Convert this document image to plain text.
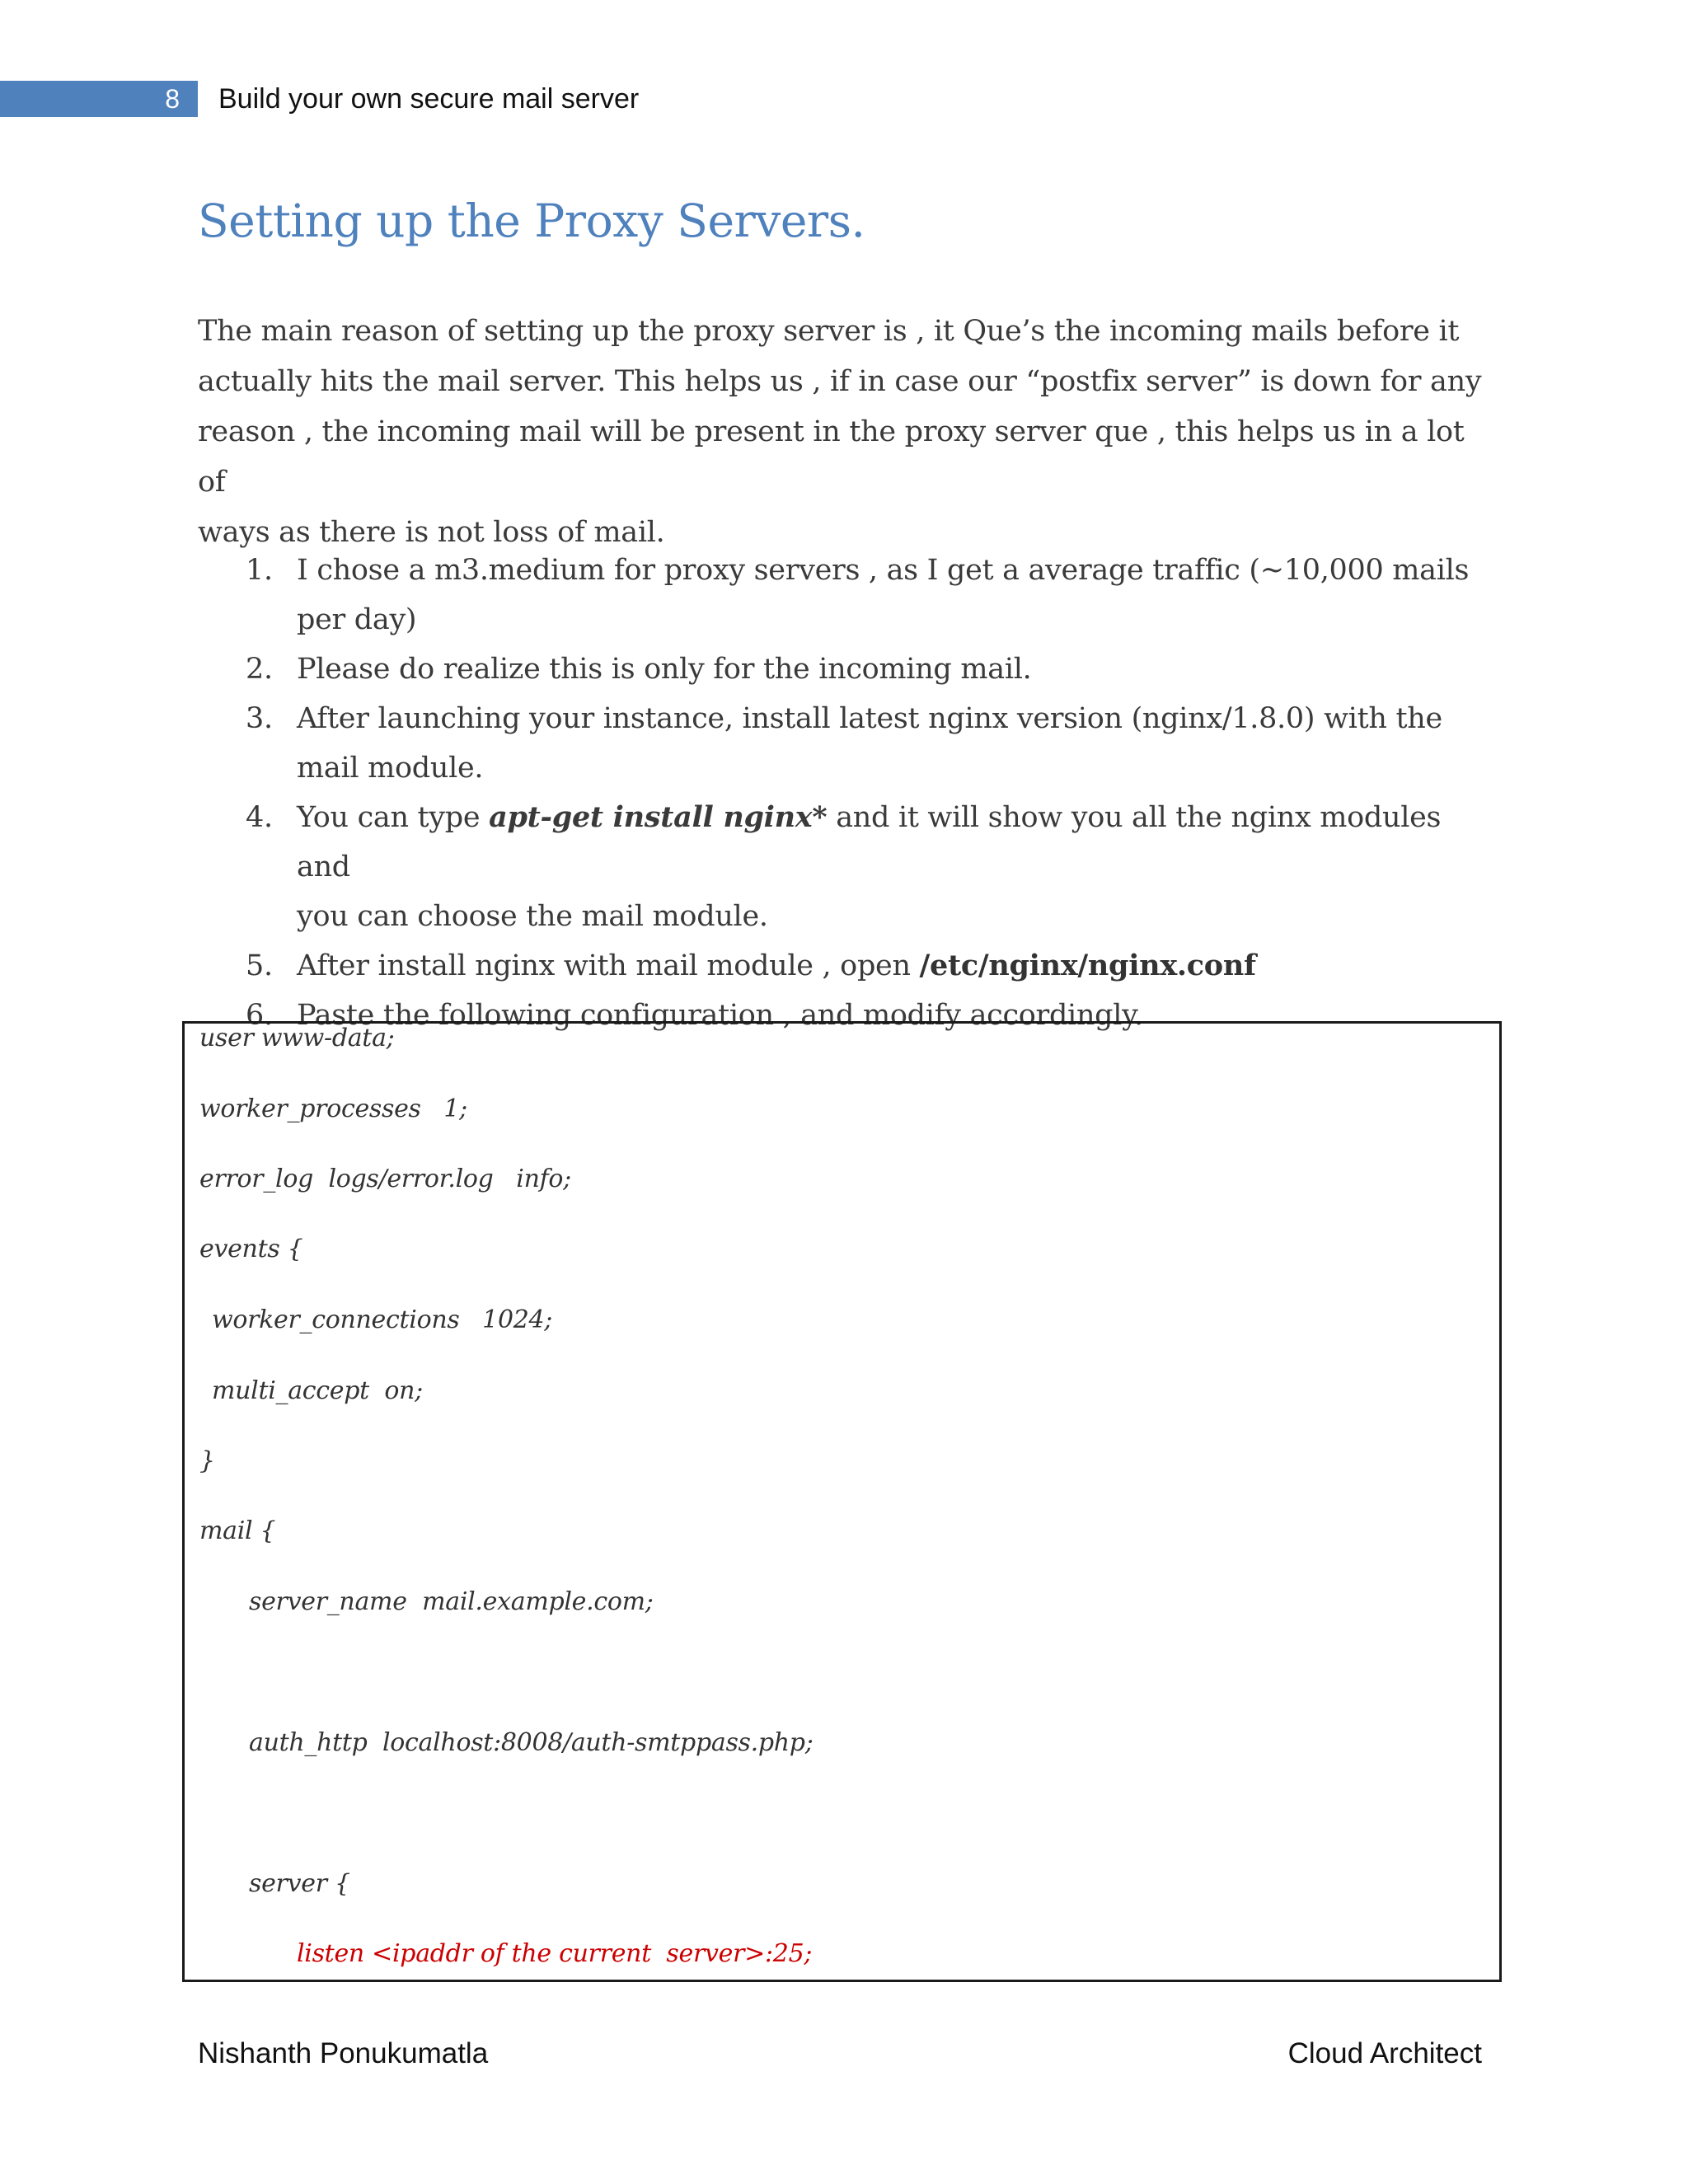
8	Build your own secure mail server
Setting up the Proxy Servers.
The main reason of setting up the proxy server is , it Que’s the incoming mails before it
actually hits the mail server. This helps us , if in case our “postfix server” is down for any
reason , the incoming mail will be present in the proxy server que , this helps us in a lot of
ways as there is not loss of mail.
1. I chose a m3.medium for proxy servers , as I get a average traffic (~10,000 mails
per day)
2. Please do realize this is only for the incoming mail.
3. After launching your instance, install latest nginx version (nginx/1.8.0) with the
mail module.
4. You can type apt-get install nginx* and it will show you all the nginx modules and
you can choose the mail module.
5. After install nginx with mail module , open /etc/nginx/nginx.conf
6. Paste the following configuration , and modify accordingly.
user www-data;
worker_processes   1;
error_log  logs/error.log   info;
events {
worker_connections   1024;
multi_accept  on;
}
mail {
server_name  mail.example.com;
auth_http  localhost:8008/auth-smtppass.php;
server {
listen <ipaddr of the current  server>:25;
Nishanth Ponukumatla	Cloud Architect
